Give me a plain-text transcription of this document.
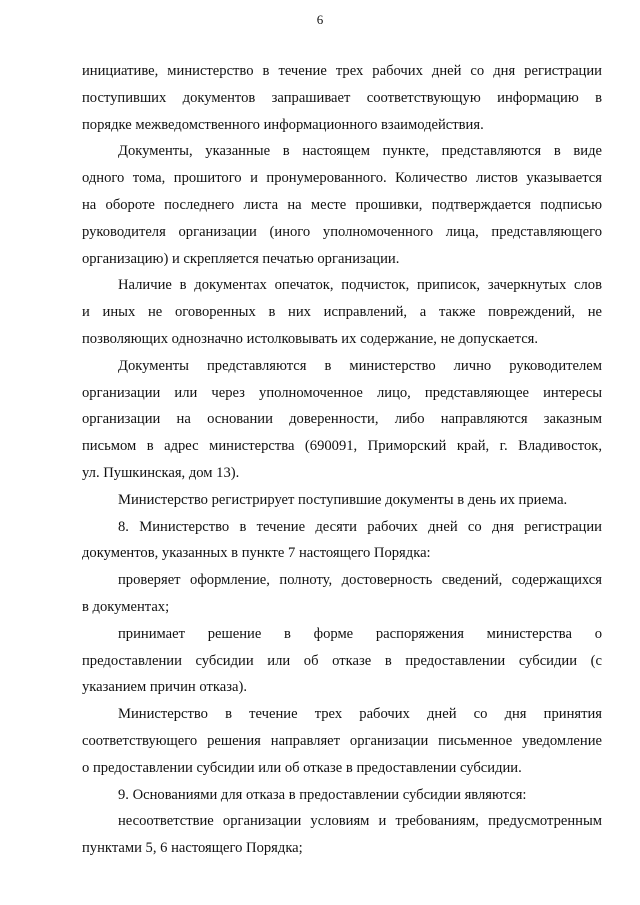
6
инициативе, министерство в течение трех рабочих дней со дня регистрации
поступивших документов запрашивает соответствующую информацию в
порядке межведомственного информационного взаимодействия.
Документы, указанные в настоящем пункте, представляются в виде
одного тома, прошитого и пронумерованного. Количество листов указывается
на обороте последнего листа на месте прошивки, подтверждается подписью
руководителя организации (иного уполномоченного лица, представляющего
организацию) и скрепляется печатью организации.
Наличие в документах опечаток, подчисток, приписок, зачеркнутых слов
и иных не оговоренных в них исправлений, а также повреждений, не
позволяющих однозначно истолковывать их содержание, не допускается.
Документы представляются в министерство лично руководителем
организации или через уполномоченное лицо, представляющее интересы
организации на основании доверенности, либо направляются заказным
письмом в адрес министерства (690091, Приморский край, г. Владивосток,
ул. Пушкинская, дом 13).
Министерство регистрирует поступившие документы в день их приема.
8. Министерство в течение десяти рабочих дней со дня регистрации
документов, указанных в пункте 7 настоящего Порядка:
проверяет оформление, полноту, достоверность сведений, содержащихся
в документах;
принимает решение в форме распоряжения министерства о
предоставлении субсидии или об отказе в предоставлении субсидии (с
указанием причин отказа).
Министерство в течение трех рабочих дней со дня принятия
соответствующего решения направляет организации письменное уведомление
о предоставлении субсидии или об отказе в предоставлении субсидии.
9. Основаниями для отказа в предоставлении субсидии являются:
несоответствие организации условиям и требованиям, предусмотренным
пунктами 5, 6 настоящего Порядка;
